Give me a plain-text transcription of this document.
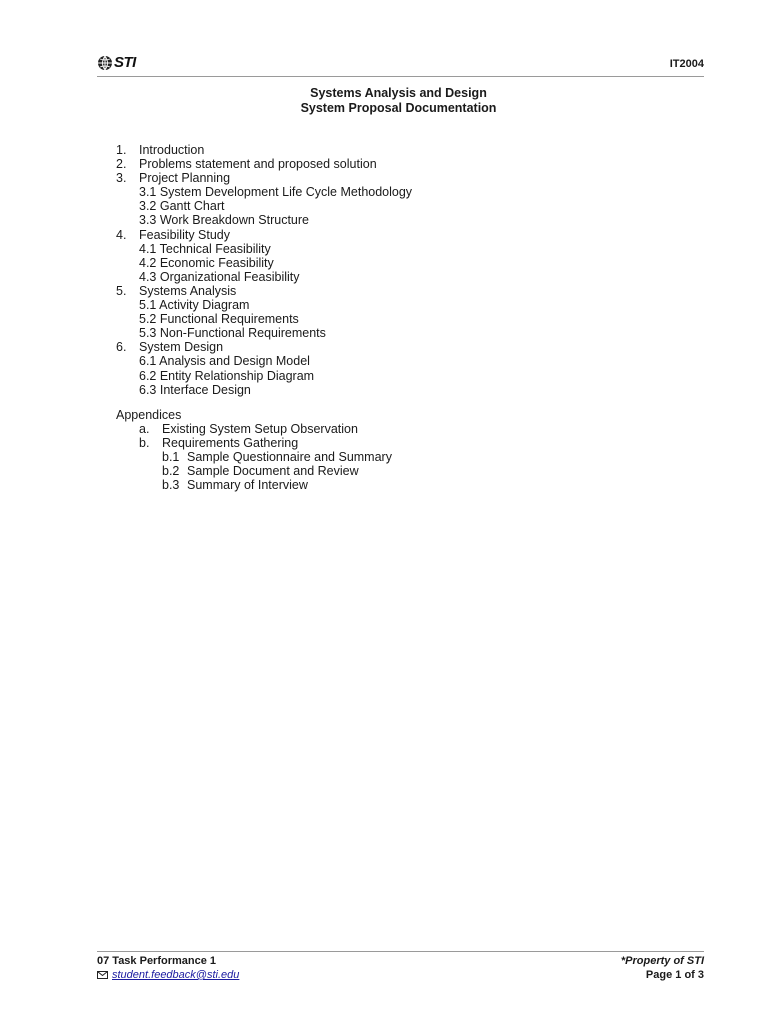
STI	IT2004
Systems Analysis and Design
System Proposal Documentation
1.	Introduction
2.	Problems statement and proposed solution
3.	Project Planning
3.1 System Development Life Cycle Methodology
3.2 Gantt Chart
3.3 Work Breakdown Structure
4.	Feasibility Study
4.1 Technical Feasibility
4.2 Economic Feasibility
4.3 Organizational Feasibility
5.	Systems Analysis
5.1 Activity Diagram
5.2 Functional Requirements
5.3 Non-Functional Requirements
6.	System Design
6.1 Analysis and Design Model
6.2 Entity Relationship Diagram
6.3 Interface Design
Appendices
a.	Existing System Setup Observation
b.	Requirements Gathering
b.1 Sample Questionnaire and Summary
b.2 Sample Document and Review
b.3 Summary of Interview
07 Task Performance 1
student.feedback@sti.edu
*Property of STI
Page 1 of 3
